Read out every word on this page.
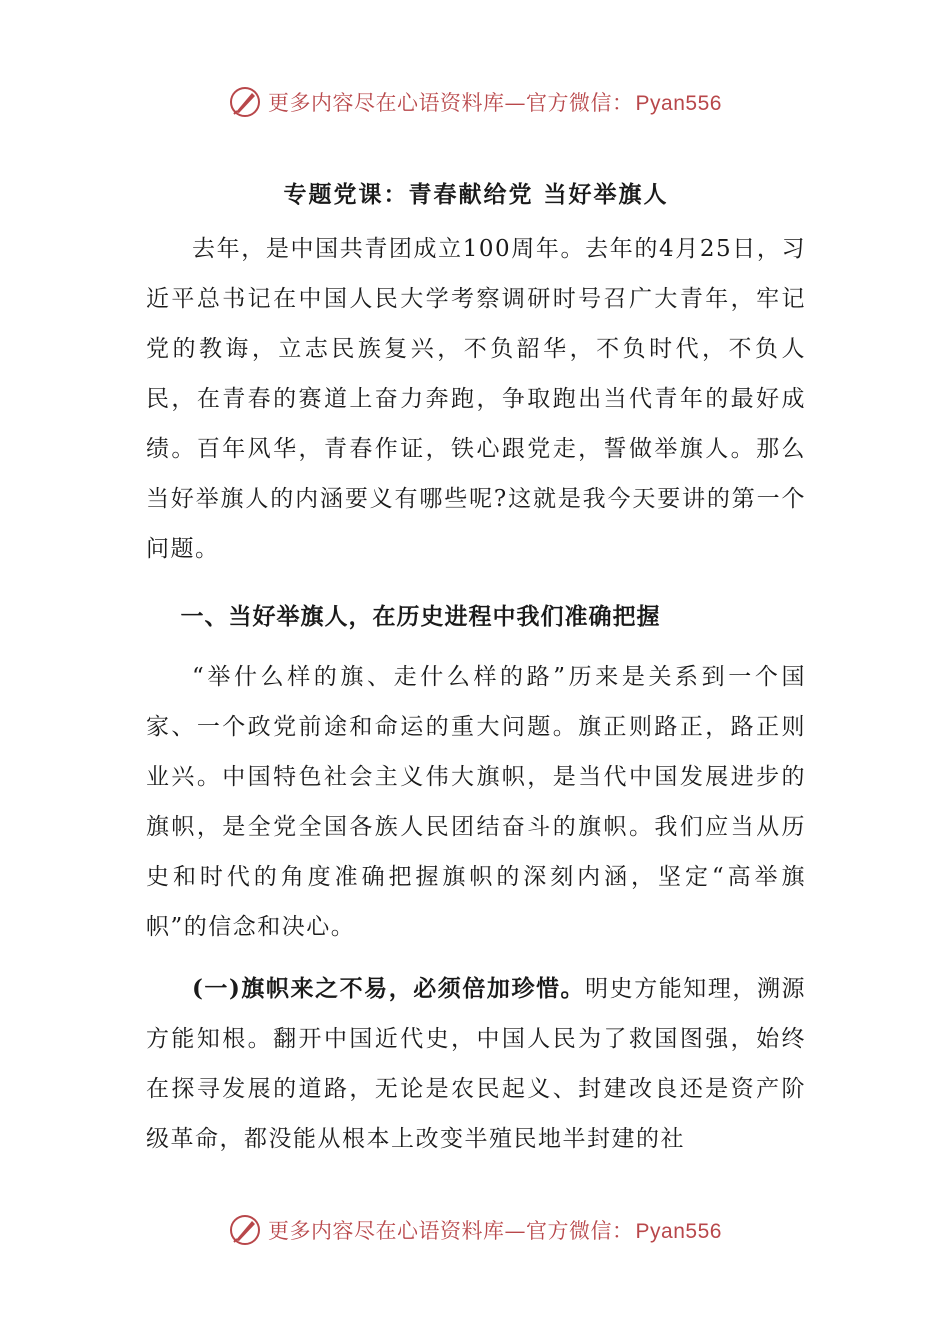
更多内容尽在心语资料库—官方微信：Pyan556
专题党课：青春献给党 当好举旗人

去年，是中国共青团成立100周年。去年的4月25日，习近平总书记在中国人民大学考察调研时号召广大青年，牢记党的教诲，立志民族复兴，不负韶华，不负时代，不负人民，在青春的赛道上奋力奔跑，争取跑出当代青年的最好成绩。百年风华，青春作证，铁心跟党走，誓做举旗人。那么当好举旗人的内涵要义有哪些呢?这就是我今天要讲的第一个问题。

一、当好举旗人，在历史进程中我们准确把握

“举什么样的旗、走什么样的路”历来是关系到一个国家、一个政党前途和命运的重大问题。旗正则路正，路正则业兴。中国特色社会主义伟大旗帜，是当代中国发展进步的旗帜，是全党全国各族人民团结奋斗的旗帜。我们应当从历史和时代的角度准确把握旗帜的深刻内涵，坚定“高举旗帜”的信念和决心。

(一)旗帜来之不易，必须倍加珍惜。明史方能知理，溯源方能知根。翻开中国近代史，中国人民为了救国图强，始终在探寻发展的道路，无论是农民起义、封建改良还是资产阶级革命，都没能从根本上改变半殖民地半封建的社

更多内容尽在心语资料库—官方微信：Pyan556
